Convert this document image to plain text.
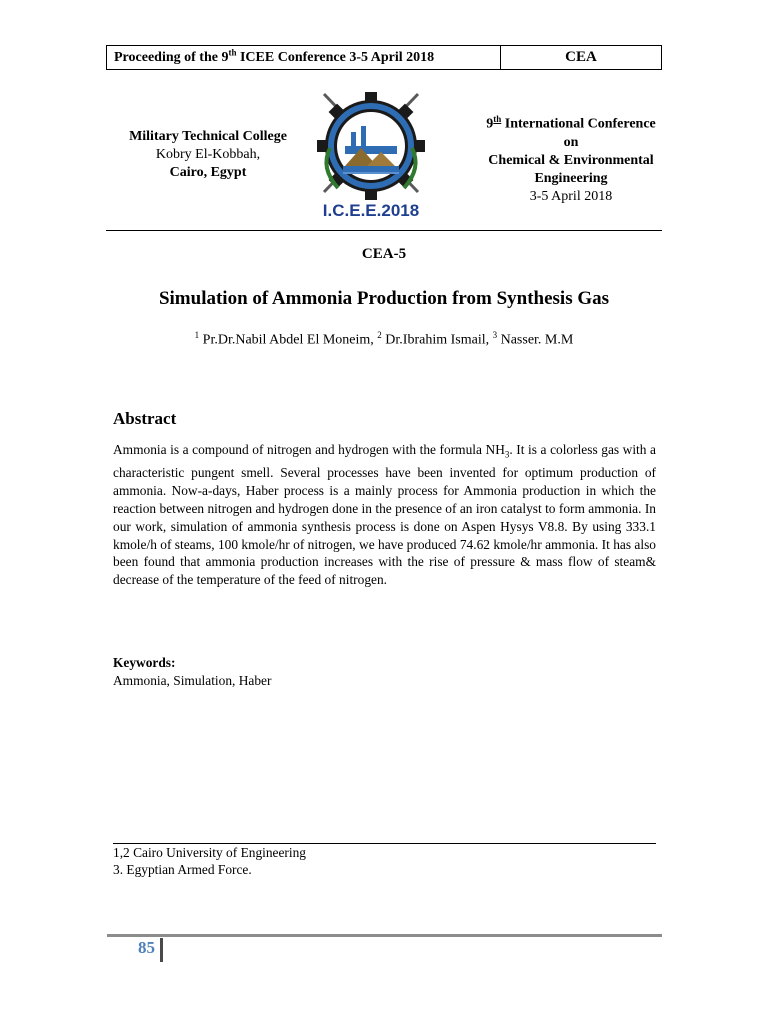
Proceeding of the 9th ICEE Conference 3-5 April 2018	CEA
Military Technical College
Kobry El-Kobbah,
Cairo, Egypt
I.C.E.E.2018
9th International Conference
on
Chemical & Environmental
Engineering
3-5 April 2018
CEA-5
Simulation of Ammonia Production from Synthesis Gas
$^1$ Pr.Dr.Nabil Abdel El Moneim, $^2$ Dr.Ibrahim Ismail, $^3$ Nasser. M.M
Abstract
Ammonia is a compound of nitrogen and hydrogen with the formula $NH_3$. It is a colorless gas with a characteristic pungent smell. Several processes have been invented for optimum production of ammonia. Now-a-days, Haber process is a mainly process for Ammonia production in which the reaction between nitrogen and hydrogen done in the presence of an iron catalyst to form ammonia. In our work, simulation of ammonia synthesis process is done on Aspen Hysys V8.8. By using 333.1 kmole/h of steams, 100 kmole/hr of nitrogen, we have produced 74.62 kmole/hr ammonia. It has also been found that ammonia production increases with the rise of pressure & mass flow of steam& decrease of the temperature of the feed of nitrogen.
Keywords:
Ammonia, Simulation, Haber
1,2 Cairo University of Engineering
3. Egyptian Armed Force.
85
